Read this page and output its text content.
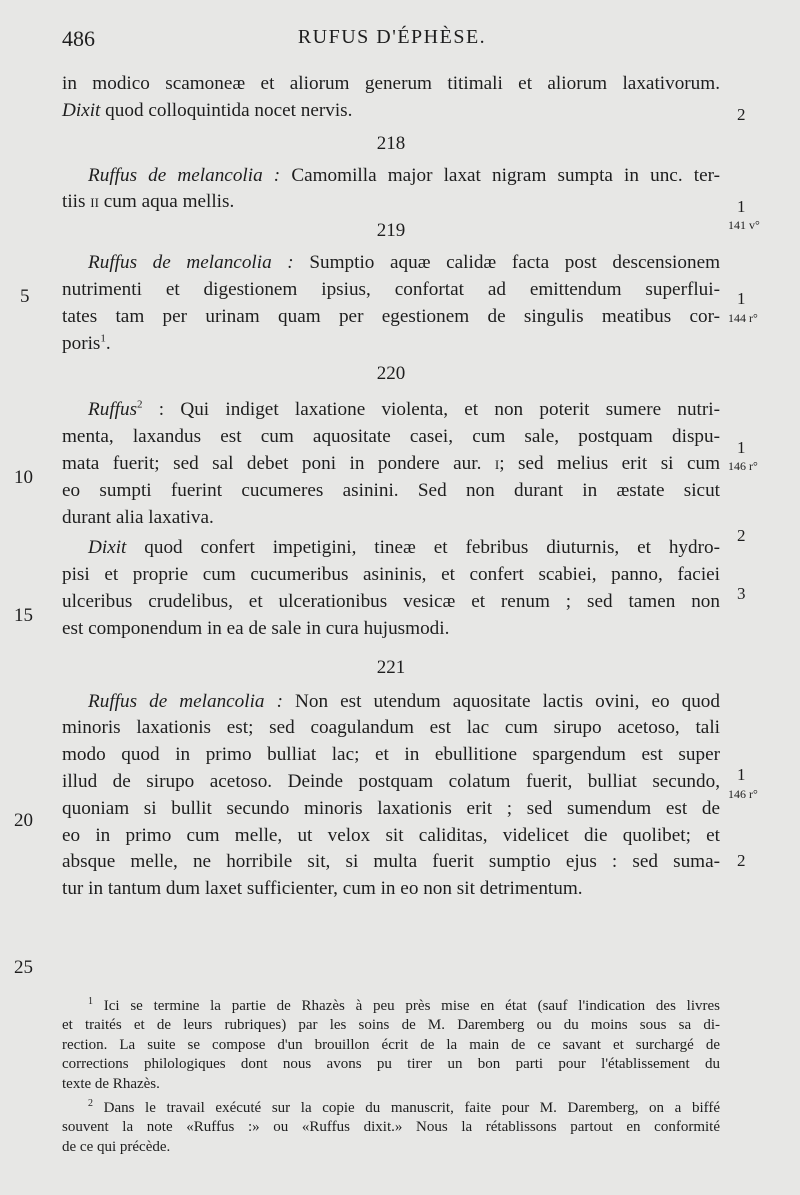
486	RUFUS D'ÉPHÈSE.
5
10
15
20
25
2
1
141 v°
1
144 r°
1
146 r°
2
3
1
146 r°
2
in modico scamoneæ et aliorum generum titimali et aliorum laxativorum.
Dixit quod colloquintida nocet nervis.
218
Ruffus de melancolia : Camomilla major laxat nigram sumpta in unc. ter-
tiis ii cum aqua mellis.
219
Ruffus de melancolia : Sumptio aquæ calidæ facta post descensionem
nutrimenti et digestionem ipsius, confortat ad emittendum superflui-
tates tam per urinam quam per egestionem de singulis meatibus cor-
poris$^1$.
220
Ruffus$^2$ : Qui indiget laxatione violenta, et non poterit sumere nutri-
menta, laxandus est cum aquositate casei, cum sale, postquam dispu-
mata fuerit; sed sal debet poni in pondere aur. i; sed melius erit si cum
eo sumpti fuerint cucumeres asinini. Sed non durant in æstate sicut
durant alia laxativa.
Dixit quod confert impetigini, tineæ et febribus diuturnis, et hydro-
pisi et proprie cum cucumeribus asininis, et confert scabiei, panno, faciei
ulceribus crudelibus, et ulcerationibus vesicæ et renum ; sed tamen non
est componendum in ea de sale in cura hujusmodi.
221
Ruffus de melancolia : Non est utendum aquositate lactis ovini, eo quod
minoris laxationis est; sed coagulandum est lac cum sirupo acetoso, tali
modo quod in primo bulliat lac; et in ebullitione spargendum est super
illud de sirupo acetoso. Deinde postquam colatum fuerit, bulliat secundo,
quoniam si bullit secundo minoris laxationis erit ; sed sumendum est de
eo in primo cum melle, ut velox sit caliditas, videlicet die quolibet; et
absque melle, ne horribile sit, si multa fuerit sumptio ejus : sed suma-
tur in tantum dum laxet sufficienter, cum in eo non sit detrimentum.
$^1$ Ici se termine la partie de Rhazès à peu près mise en état (sauf l'indication des livres
et traités et de leurs rubriques) par les soins de M. Daremberg ou du moins sous sa di-
rection. La suite se compose d'un brouillon écrit de la main de ce savant et surchargé de
corrections philologiques dont nous avons pu tirer un bon parti pour l'établissement du
texte de Rhazès.
$^2$ Dans le travail exécuté sur la copie du manuscrit, faite pour M. Daremberg, on a biffé
souvent la note «Ruffus :» ou «Ruffus dixit.» Nous la rétablissons partout en conformité
de ce qui précède.
